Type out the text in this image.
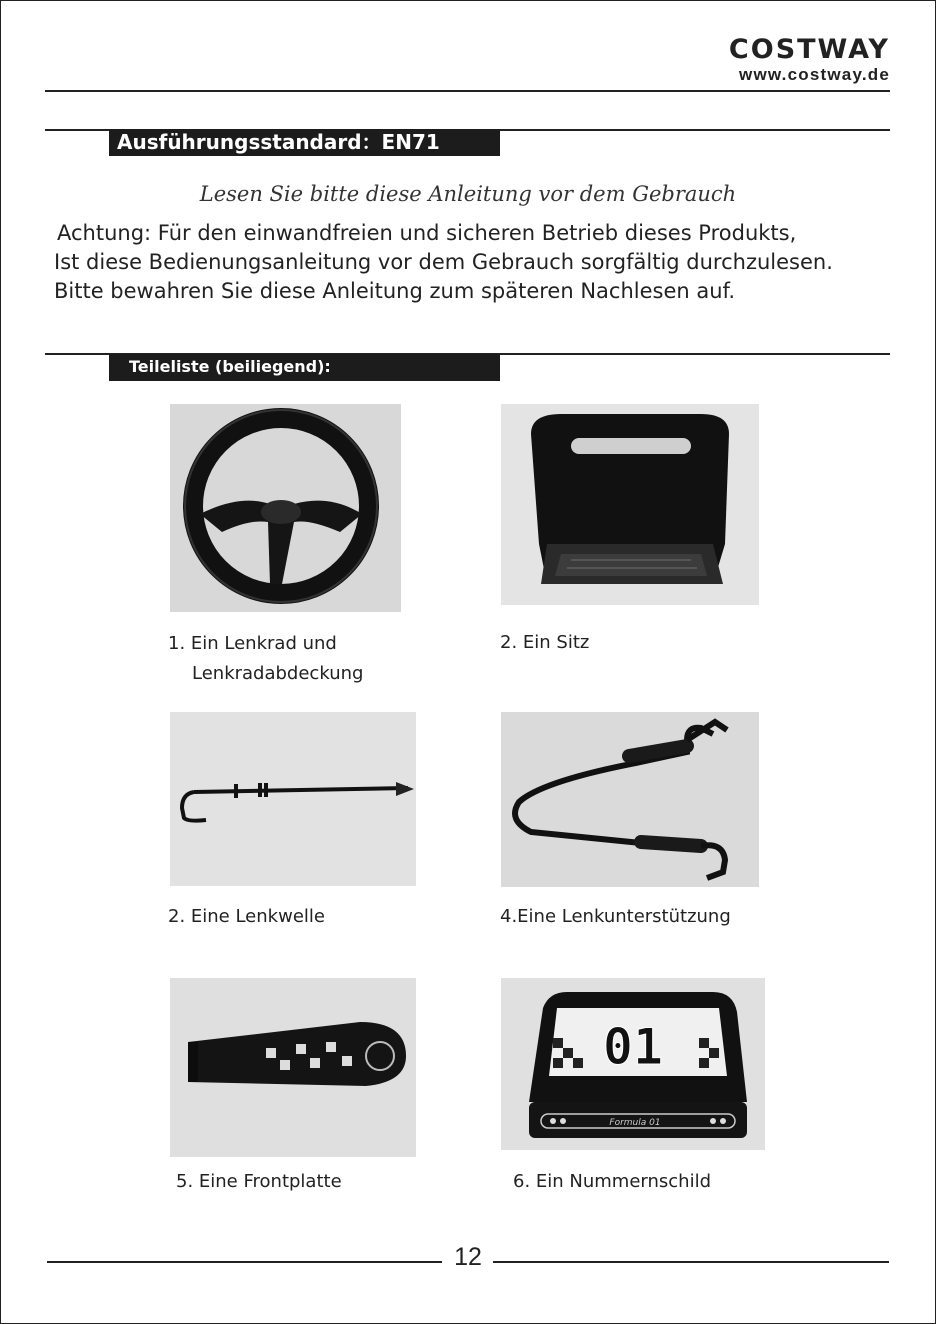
COSTWAY
www.costway.de
Ausführungsstandard：EN71
Lesen Sie bitte diese Anleitung vor dem Gebrauch
Achtung: Für den einwandfreien und sicheren Betrieb dieses Produkts,
Ist diese Bedienungsanleitung vor dem Gebrauch sorgfältig durchzulesen.
Bitte bewahren Sie diese Anleitung zum späteren Nachlesen auf.
Teileliste (beiliegend):
1. Ein Lenkrad und
Lenkradabdeckung
2. Ein Sitz
2. Eine Lenkwelle	4.Eine Lenkunterstützung
01
Formula 01
5. Eine Frontplatte	6. Ein Nummernschild
12
